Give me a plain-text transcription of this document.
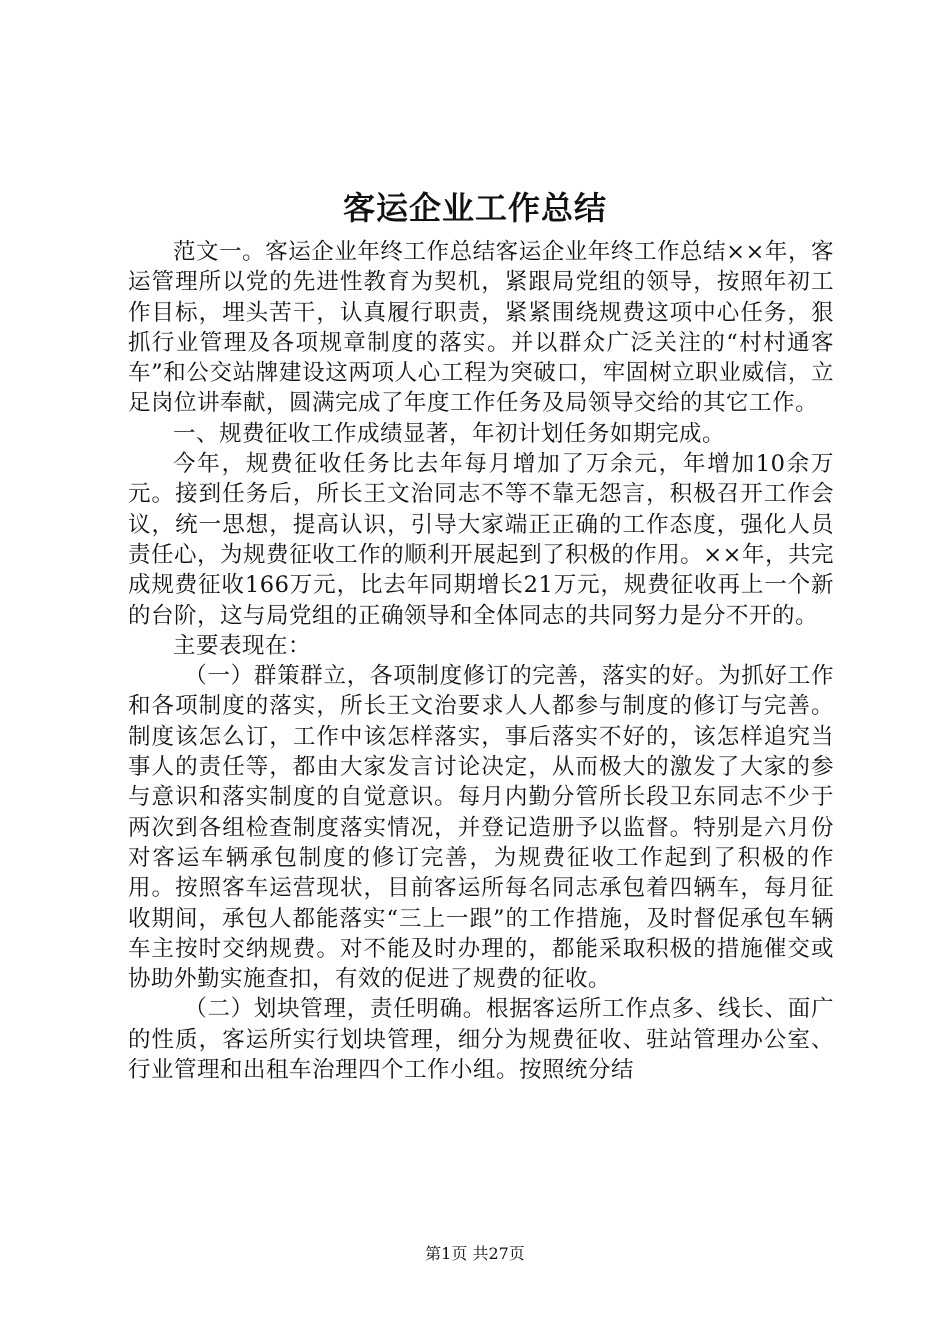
客运企业工作总结

范文一。客运企业年终工作总结客运企业年终工作总结××年，客运管理所以党的先进性教育为契机，紧跟局党组的领导，按照年初工作目标，埋头苦干，认真履行职责，紧紧围绕规费这项中心任务，狠抓行业管理及各项规章制度的落实。并以群众广泛关注的“村村通客车”和公交站牌建设这两项人心工程为突破口，牢固树立职业威信，立足岗位讲奉献，圆满完成了年度工作任务及局领导交给的其它工作。

一、规费征收工作成绩显著，年初计划任务如期完成。

今年，规费征收任务比去年每月增加了万余元，年增加10余万元。接到任务后，所长王文治同志不等不靠无怨言，积极召开工作会议，统一思想，提高认识，引导大家端正正确的工作态度，强化人员责任心，为规费征收工作的顺利开展起到了积极的作用。××年，共完成规费征收166万元，比去年同期增长21万元，规费征收再上一个新的台阶，这与局党组的正确领导和全体同志的共同努力是分不开的。

主要表现在：

（一）群策群立，各项制度修订的完善，落实的好。为抓好工作和各项制度的落实，所长王文治要求人人都参与制度的修订与完善。制度该怎么订，工作中该怎样落实，事后落实不好的，该怎样追究当事人的责任等，都由大家发言讨论决定，从而极大的激发了大家的参与意识和落实制度的自觉意识。每月内勤分管所长段卫东同志不少于两次到各组检查制度落实情况，并登记造册予以监督。特别是六月份对客运车辆承包制度的修订完善，为规费征收工作起到了积极的作用。按照客车运营现状，目前客运所每名同志承包着四辆车，每月征收期间，承包人都能落实“三上一跟”的工作措施，及时督促承包车辆车主按时交纳规费。对不能及时办理的，都能采取积极的措施催交或协助外勤实施查扣，有效的促进了规费的征收。

（二）划块管理，责任明确。根据客运所工作点多、线长、面广的性质，客运所实行划块管理，细分为规费征收、驻站管理办公室、行业管理和出租车治理四个工作小组。按照统分结

第1页 共27页
